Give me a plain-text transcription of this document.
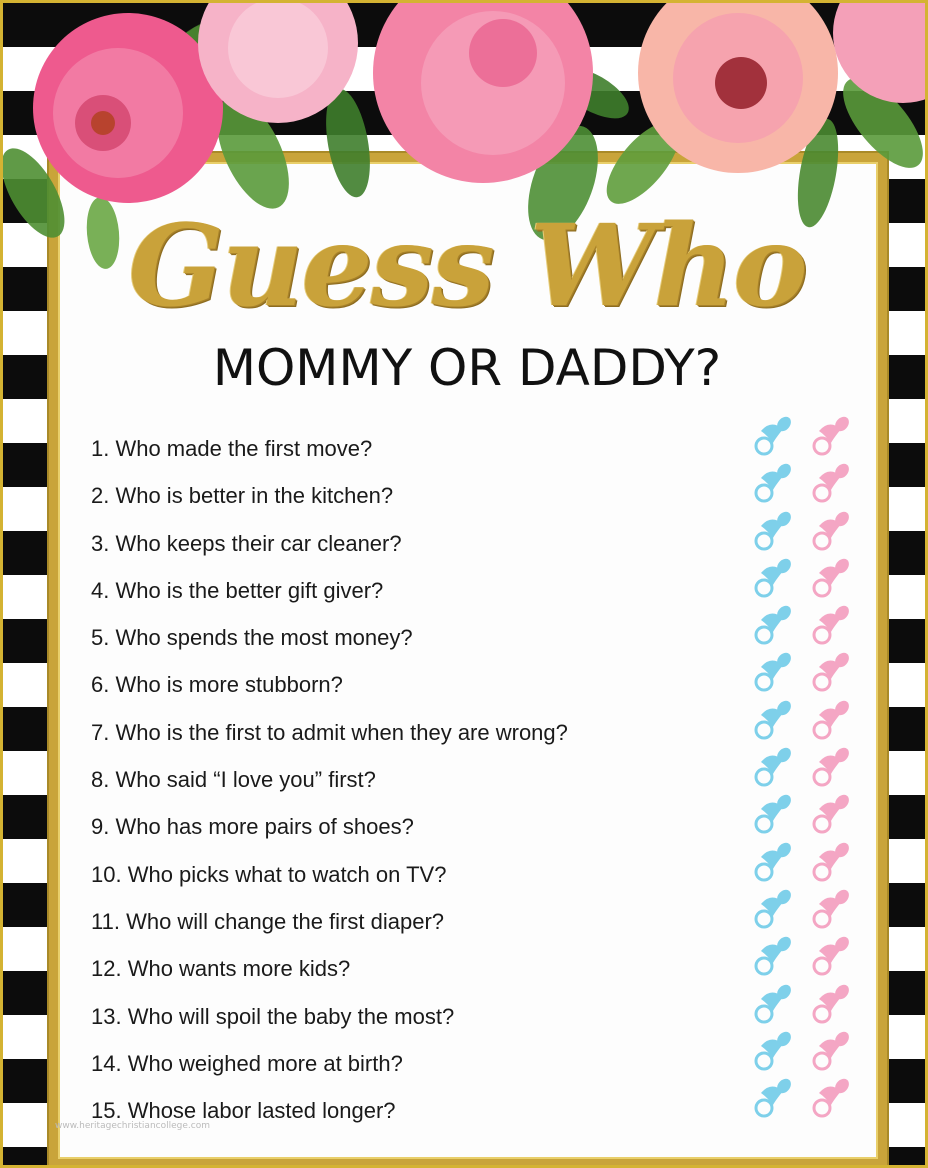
Guess Who
MOMMY OR DADDY?
1. Who made the first move?
2. Who is better in the kitchen?
3. Who keeps their car cleaner?
4. Who is the better gift giver?
5. Who spends the most money?
6. Who is more stubborn?
7. Who is the first to admit when they are wrong?
8. Who said “I love you” first?
9. Who has more pairs of shoes?
10. Who picks what to watch on TV?
11. Who will change the first diaper?
12. Who wants more kids?
13. Who will spoil the baby the most?
14. Who weighed more at birth?
15. Whose labor lasted longer?
www.heritagechristiancollege.com
